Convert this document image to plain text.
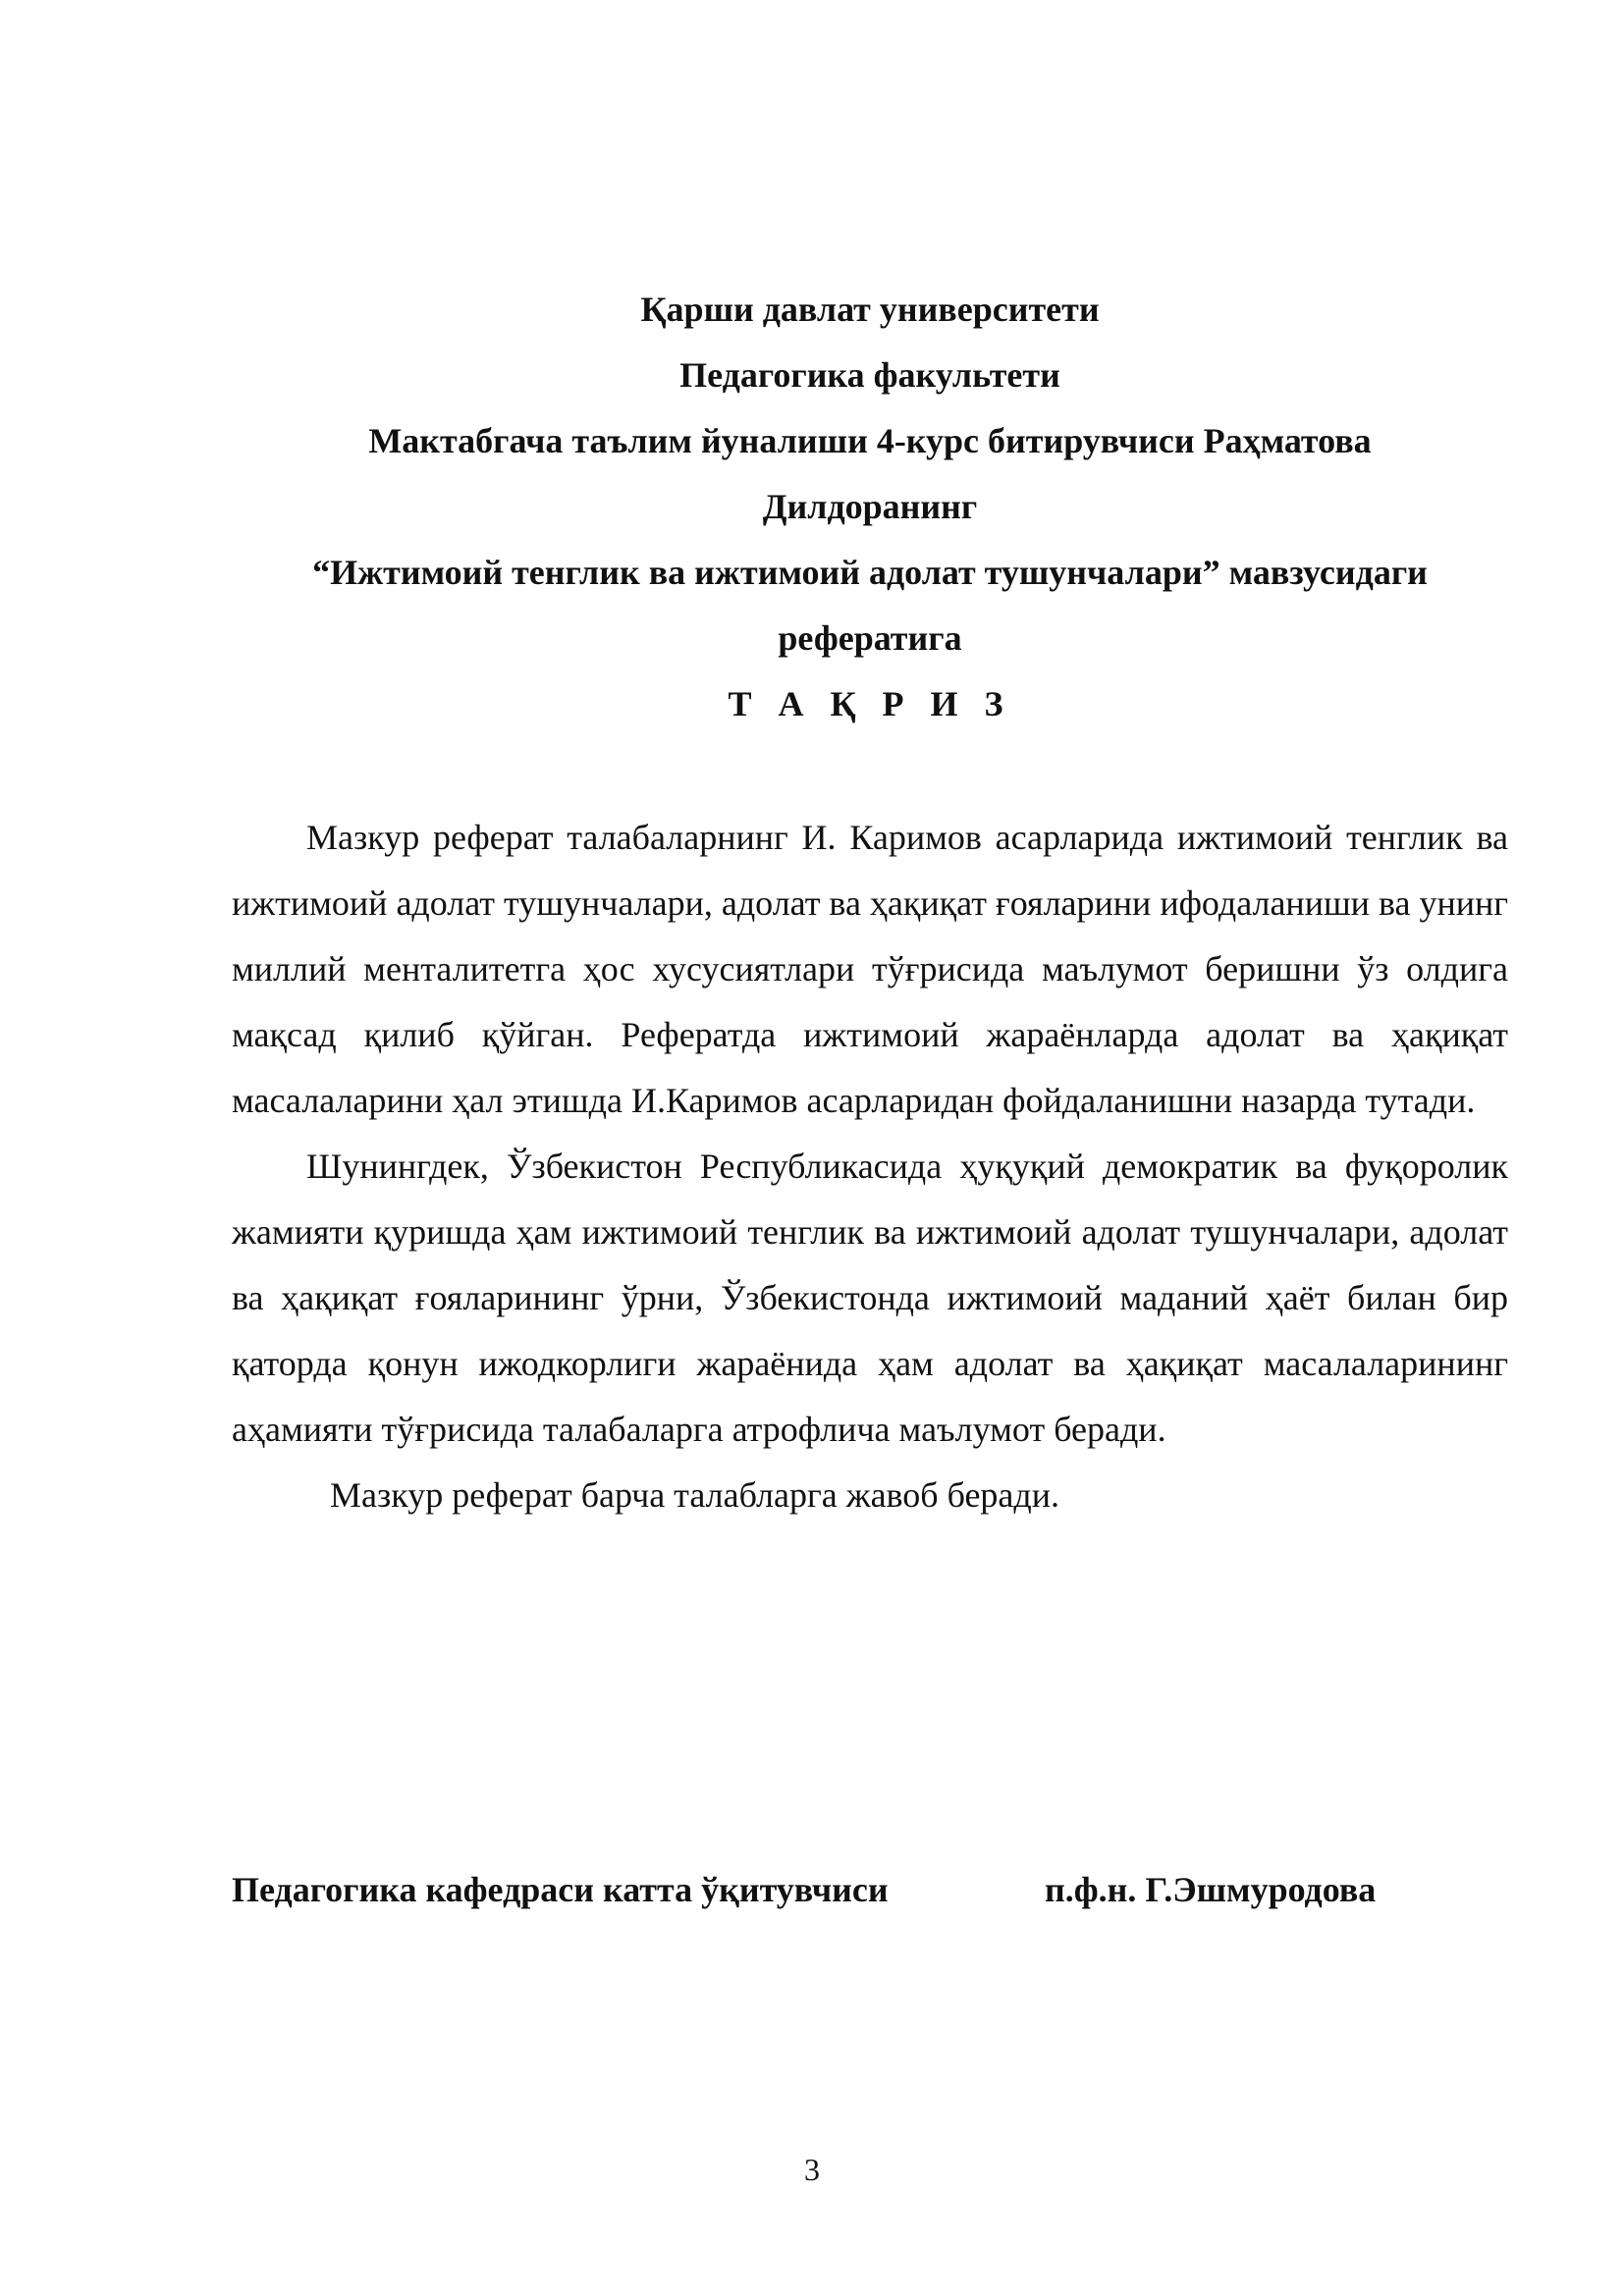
Қарши давлат университети
Педагогика факультети
Мактабгача таълим йуналиши 4-курс битирувчиси Раҳматова
Дилдоранинг
“Ижтимоий тенглик ва ижтимоий адолат тушунчалари” мавзусидаги
рефератига
Т А Қ Р И З

Мазкур реферат талабаларнинг И. Каримов асарларида ижтимоий тенглик ва ижтимоий адолат тушунчалари, адолат ва ҳақиқат ғояларини ифодаланиши ва унинг миллий менталитетга ҳос хусусиятлари тўғрисида маълумот беришни ўз олдига мақсад қилиб қўйган. Рефератда ижтимоий жараёнларда адолат ва ҳақиқат масалаларини ҳал этишда И.Каримов асарларидан фойдаланишни назарда тутади.

Шунингдек, Ўзбекистон Республикасида ҳуқуқий демократик ва фуқоролик жамияти қуришда ҳам ижтимоий тенглик ва ижтимоий адолат тушунчалари, адолат ва ҳақиқат ғояларининг ўрни, Ўзбекистонда ижтимоий маданий ҳаёт билан бир қаторда қонун ижодкорлиги жараёнида ҳам адолат ва ҳақиқат масалаларининг аҳамияти тўғрисида талабаларга атрофлича маълумот беради.

Мазкур реферат барча талабларга жавоб беради.

Педагогика кафедраси катта ўқитувчиси	п.ф.н. Г.Эшмуродова
3
